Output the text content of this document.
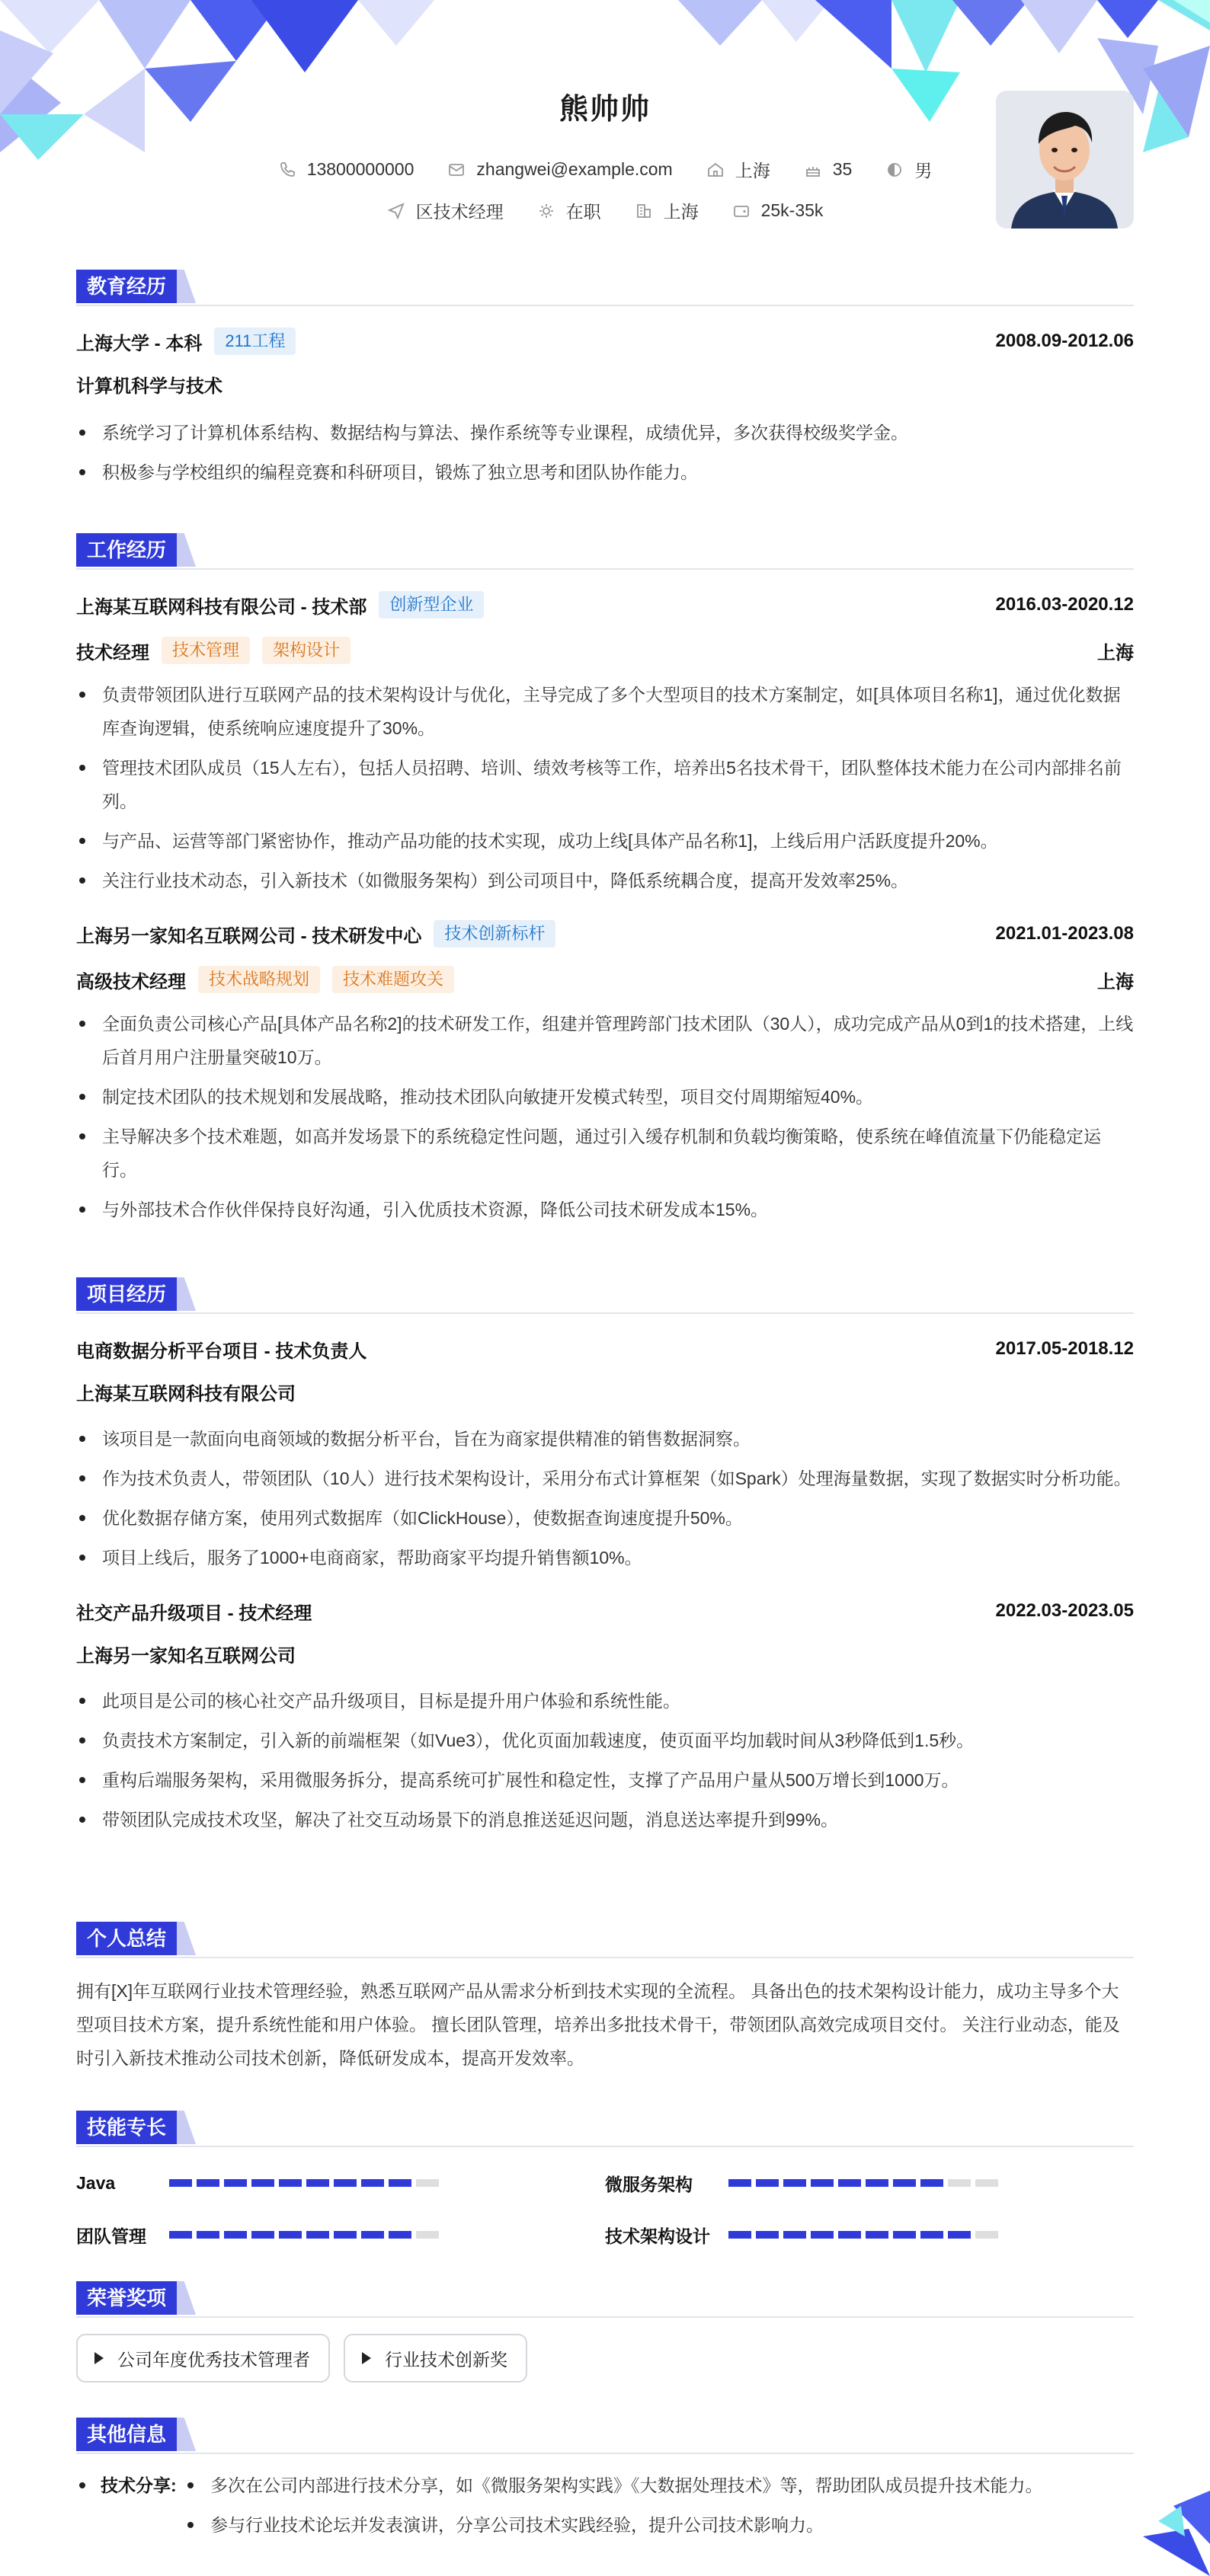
熊帅帅
13800000000	zhangwei@example.com	上海	35	男
区技术经理	在职	上海	25k-35k
教育经历
上海大学 - 本科	211工程	2008.09-2012.06
计算机科学与技术
系统学习了计算机体系结构、数据结构与算法、操作系统等专业课程，成绩优异，多次获得校级奖学金。
积极参与学校组织的编程竞赛和科研项目，锻炼了独立思考和团队协作能力。
工作经历
上海某互联网科技有限公司 - 技术部	创新型企业	2016.03-2020.12
技术经理	技术管理	架构设计	上海
负责带领团队进行互联网产品的技术架构设计与优化，主导完成了多个大型项目的技术方案制定，如[具体项目名称1]，通过优化数据库查询逻辑，使系统响应速度提升了30%。
管理技术团队成员（15人左右），包括人员招聘、培训、绩效考核等工作，培养出5名技术骨干，团队整体技术能力在公司内部排名前列。
与产品、运营等部门紧密协作，推动产品功能的技术实现，成功上线[具体产品名称1]，上线后用户活跃度提升20%。
关注行业技术动态，引入新技术（如微服务架构）到公司项目中，降低系统耦合度，提高开发效率25%。
上海另一家知名互联网公司 - 技术研发中心	技术创新标杆	2021.01-2023.08
高级技术经理	技术战略规划	技术难题攻关	上海
全面负责公司核心产品[具体产品名称2]的技术研发工作，组建并管理跨部门技术团队（30人），成功完成产品从0到1的技术搭建，上线后首月用户注册量突破10万。
制定技术团队的技术规划和发展战略，推动技术团队向敏捷开发模式转型，项目交付周期缩短40%。
主导解决多个技术难题，如高并发场景下的系统稳定性问题，通过引入缓存机制和负载均衡策略，使系统在峰值流量下仍能稳定运行。
与外部技术合作伙伴保持良好沟通，引入优质技术资源，降低公司技术研发成本15%。
项目经历
电商数据分析平台项目 - 技术负责人	2017.05-2018.12
上海某互联网科技有限公司
该项目是一款面向电商领域的数据分析平台，旨在为商家提供精准的销售数据洞察。
作为技术负责人，带领团队（10人）进行技术架构设计，采用分布式计算框架（如Spark）处理海量数据，实现了数据实时分析功能。
优化数据存储方案，使用列式数据库（如ClickHouse），使数据查询速度提升50%。
项目上线后，服务了1000+电商商家，帮助商家平均提升销售额10%。
社交产品升级项目 - 技术经理	2022.03-2023.05
上海另一家知名互联网公司
此项目是公司的核心社交产品升级项目，目标是提升用户体验和系统性能。
负责技术方案制定，引入新的前端框架（如Vue3），优化页面加载速度，使页面平均加载时间从3秒降低到1.5秒。
重构后端服务架构，采用微服务拆分，提高系统可扩展性和稳定性，支撑了产品用户量从500万增长到1000万。
带领团队完成技术攻坚，解决了社交互动场景下的消息推送延迟问题，消息送达率提升到99%。
个人总结
拥有[X]年互联网行业技术管理经验，熟悉互联网产品从需求分析到技术实现的全流程。 具备出色的技术架构设计能力，成功主导多个大型项目技术方案，提升系统性能和用户体验。 擅长团队管理，培养出多批技术骨干，带领团队高效完成项目交付。 关注行业动态，能及时引入新技术推动公司技术创新，降低研发成本，提高开发效率。
技能专长
Java	微服务架构
团队管理	技术架构设计
荣誉奖项
公司年度优秀技术管理者	行业技术创新奖
其他信息
技术分享:	多次在公司内部进行技术分享，如《微服务架构实践》《大数据处理技术》等，帮助团队成员提升技术能力。
参与行业技术论坛并发表演讲，分享公司技术实践经验，提升公司技术影响力。
